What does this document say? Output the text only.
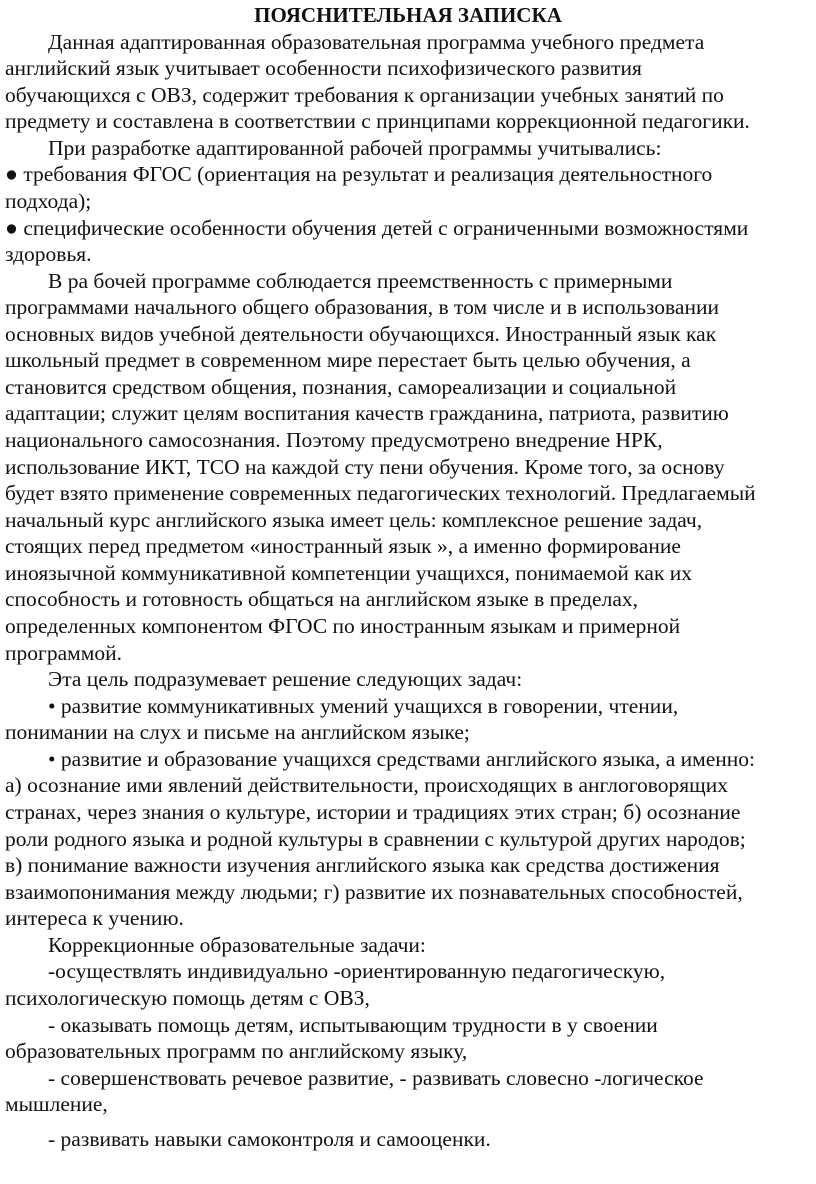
ПОЯСНИТЕЛЬНАЯ ЗАПИСКА
Данная адаптированная образовательная программа учебного предмета
английский язык учитывает особенности психофизического развития
обучающихся с ОВЗ, содержит требования к организации учебных занятий по
предмету и составлена в соответствии с принципами коррекционной педагогики.
При разработке адаптированной рабочей программы учитывались:
● требования ФГОС (ориентация на результат и реализация деятельностного
подхода);
● специфические особенности обучения детей с ограниченными возможностями
здоровья.
В ра бочей программе соблюдается преемственность с примерными
программами начального общего образования, в том числе и в использовании
основных видов учебной деятельности обучающихся. Иностранный язык как
школьный предмет в современном мире перестает быть целью обучения, а
становится средством общения, познания, самореализации и социальной
адаптации; служит целям воспитания качеств гражданина, патриота, развитию
национального самосознания. Поэтому предусмотрено внедрение НРК,
использование ИКТ, ТСО на каждой сту пени обучения. Кроме того, за основу
будет взято применение современных педагогических технологий. Предлагаемый
начальный курс английского языка имеет цель: комплексное решение задач,
стоящих перед предметом «иностранный язык », а именно формирование
иноязычной коммуникативной компетенции учащихся, понимаемой как их
способность и готовность общаться на английском языке в пределах,
определенных компонентом ФГОС по иностранным языкам и примерной
программой.
Эта цель подразумевает решение следующих задач:
• развитие коммуникативных умений учащихся в говорении, чтении,
понимании на слух и письме на английском языке;
• развитие и образование учащихся средствами английского языка, а именно:
а) осознание ими явлений действительности, происходящих в англоговорящих
странах, через знания о культуре, истории и традициях этих стран; б) осознание
роли родного языка и родной культуры в сравнении с культурой других народов;
в) понимание важности изучения английского языка как средства достижения
взаимопонимания между людьми; г) развитие их познавательных способностей,
интереса к учению.
Коррекционные образовательные задачи:
-осуществлять индивидуально -ориентированную педагогическую,
психологическую помощь детям с ОВЗ,
- оказывать помощь детям, испытывающим трудности в у своении
образовательных программ по английскому языку,
- совершенствовать речевое развитие, - развивать словесно -логическое
мышление,
- развивать навыки самоконтроля и самооценки.
